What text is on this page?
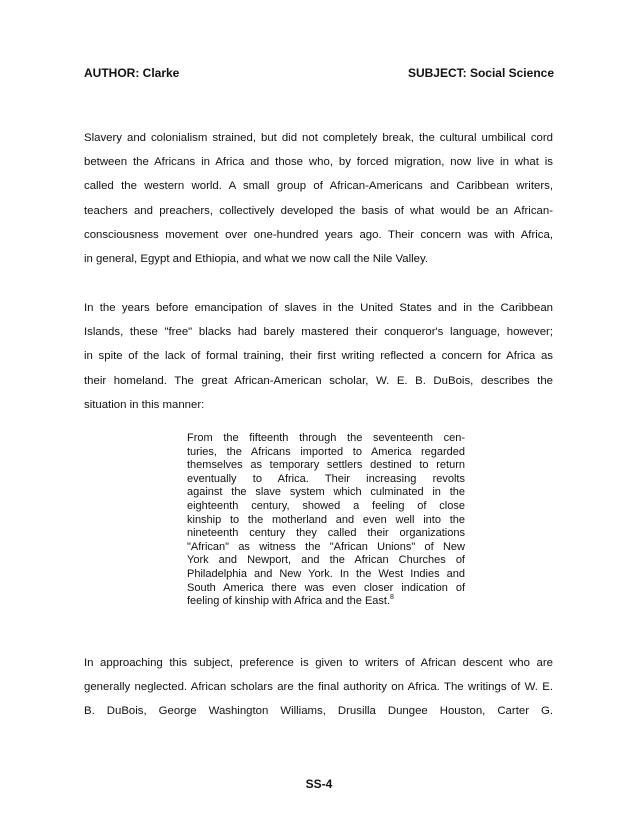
AUTHOR: Clarke	SUBJECT: Social Science

Slavery and colonialism strained, but did not completely break, the cultural umbilical cord
between the Africans in Africa and those who, by forced migration, now live in what is
called the western world. A small group of African-Americans and Caribbean writers,
teachers and preachers, collectively developed the basis of what would be an African-
consciousness movement over one-hundred years ago. Their concern was with Africa,
in general, Egypt and Ethiopia, and what we now call the Nile Valley.

In the years before emancipation of slaves in the United States and in the Caribbean
Islands, these "free" blacks had barely mastered their conqueror's language, however;
in spite of the lack of formal training, their first writing reflected a concern for Africa as
their homeland. The great African-American scholar, W. E. B. DuBois, describes the
situation in this manner:

From the fifteenth through the seventeenth cen-
turies, the Africans imported to America regarded
themselves as temporary settlers destined to return
eventually to Africa. Their increasing revolts
against the slave system which culminated in the
eighteenth century, showed a feeling of close
kinship to the motherland and even well into the
nineteenth century they called their organizations
"African" as witness the "African Unions" of New
York and Newport, and the African Churches of
Philadelphia and New York. In the West Indies and
South America there was even closer indication of
feeling of kinship with Africa and the East.$^8$

In approaching this subject, preference is given to writers of African descent who are
generally neglected. African scholars are the final authority on Africa. The writings of W. E.
B. DuBois, George Washington Williams, Drusilla Dungee Houston, Carter G.

SS-4
